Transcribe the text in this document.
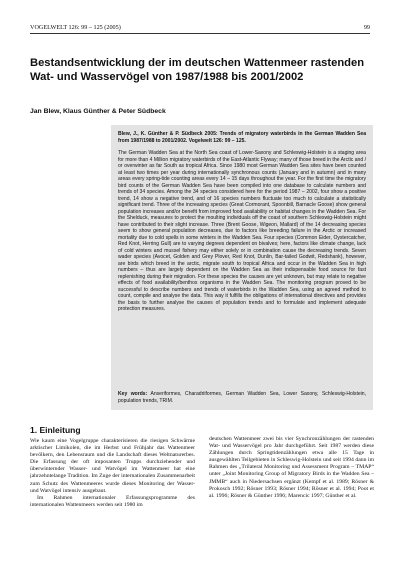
VOGELWELT 126: 99 – 125 (2005)	99
Bestandsentwicklung der im deutschen Wattenmeer rastenden Wat- und Wasservögel von 1987/1988 bis 2001/2002
Jan Blew, Klaus Günther & Peter Südbeck
Blew, J., K. Günther & P. Südbeck 2005: Trends of migratory waterbirds in the German Wadden Sea from 1987/1988 to 2001/2002. Vogelwelt 126: 99 – 125.

The German Wadden Sea at the North Sea coast of Lower-Saxony and Schleswig-Holstein is a staging area for more than 4 Million migratory waterbirds of the East-Atlantic Flyway; many of those breed in the Arctic and / or overwinter as far South as tropical Africa. Since 1980 most German Wadden Sea sites have been counted at least two times per year during internationally synchronous counts (January and in autumn) and in many areas every spring-tide counting areas every 14 – 15 days throughout the year. For the first time the migratory bird counts of the German Wadden Sea have been compiled into one database to calculate numbers and trends of 34 species. Among the 34 species considered here for the period 1987 – 2002, four show a positive trend, 14 show a negative trend, and of 16 species numbers fluctuate too much to calculate a statistically significant trend. Three of the increasing species (Great Cormorant, Spoonbill, Barnacle Goose) show general population increases and/or benefit from improved food availability or habitat changes in the Wadden Sea. For the Shelduck, measures to protect the moulting individuals off the coast of southern Schleswig-Holstein might have contributed to their slight increase. Three (Brent Goose, Wigeon, Mallard) of the 14 decreasing species seem to show general population decreases, due to factors like breeding failure in the Arctic or increased mortality due to cold spells in some winters in the Wadden Sea. Four species (Common Eider, Oystercatcher, Red Knot, Herring Gull) are to varying degrees dependent on bivalves; here, factors like climate change, lack of cold winters and mussel fishery may either solely or in combination cause the decreasing trends. Seven wader species (Avocet, Golden and Grey Plover, Red Knot, Dunlin, Bar-tailed Godwit, Redshank), however, are birds which breed in the arctic, migrate south to tropical Africa and occur in the Wadden Sea in high numbers – thus are largely dependent on the Wadden Sea as their indispensable food source for fast replenishing during their migration. For these species the causes are yet unknown, but may relate to negative effects of food availability/benthos organisms in the Wadden Sea. The monitoring program proved to be successful to describe numbers and trends of waterbirds in the Wadden Sea, using an agreed method to count, compile and analyse the data. This way it fulfills the obligations of international directives and provides the basis to further analyse the causes of population trends and to formulate and implement adequate protection measures.

Key words: Anseriformes, Charadriiformes, German Wadden Sea, Lower Saxony, Schleswig-Holstein, population trends, TRIM.
1. Einleitung

Wie kaum eine Vogelgruppe charakterisieren die riesigen Schwärme arktischer Limikolen, die im Herbst und Frühjahr das Wattenmeer bevölkern, den Lebensraum und die Landschaft dieses Weltnaturerbes. Die Erfassung der oft imposanten Trupps durchziehender und überwinternder Wasser- und Watvögel im Wattenmeer hat eine jahrzehntelange Tradition. Im Zuge der internationalen Zusammenarbeit zum Schutz des Wattenmeeres wurde dieses Monitoring der Wasser- und Watvögel intensiv ausgebaut.

Im Rahmen internationaler Erfassungsprogramme des internationalen Wattenmeers werden seit 1980 im

deutschen Wattenmeer zwei bis vier Synchronzählungen der rastenden Wat- und Wasservögel pro Jahr durchgeführt. Seit 1987 werden diese Zählungen durch Springtidenzählungen etwa alle 15 Tage in ausgewählten Teilgebieten in Schleswig-Holstein und seit 1994 dann im Rahmen des „Trilateral Monitoring und Assessment Program – TMAP“ unter „Joint Monitoring Group of Migratory Birds in the Wadden Sea – JMMB“ auch in Niedersachsen ergänzt (Kempf et al. 1989; Rösner & Prokosch 1992; Rösner 1993; Rösner 1994; Rösner et al. 1994; Poot et al. 1996; Rösner & Günther 1996; Marencic 1997; Günther et al.
